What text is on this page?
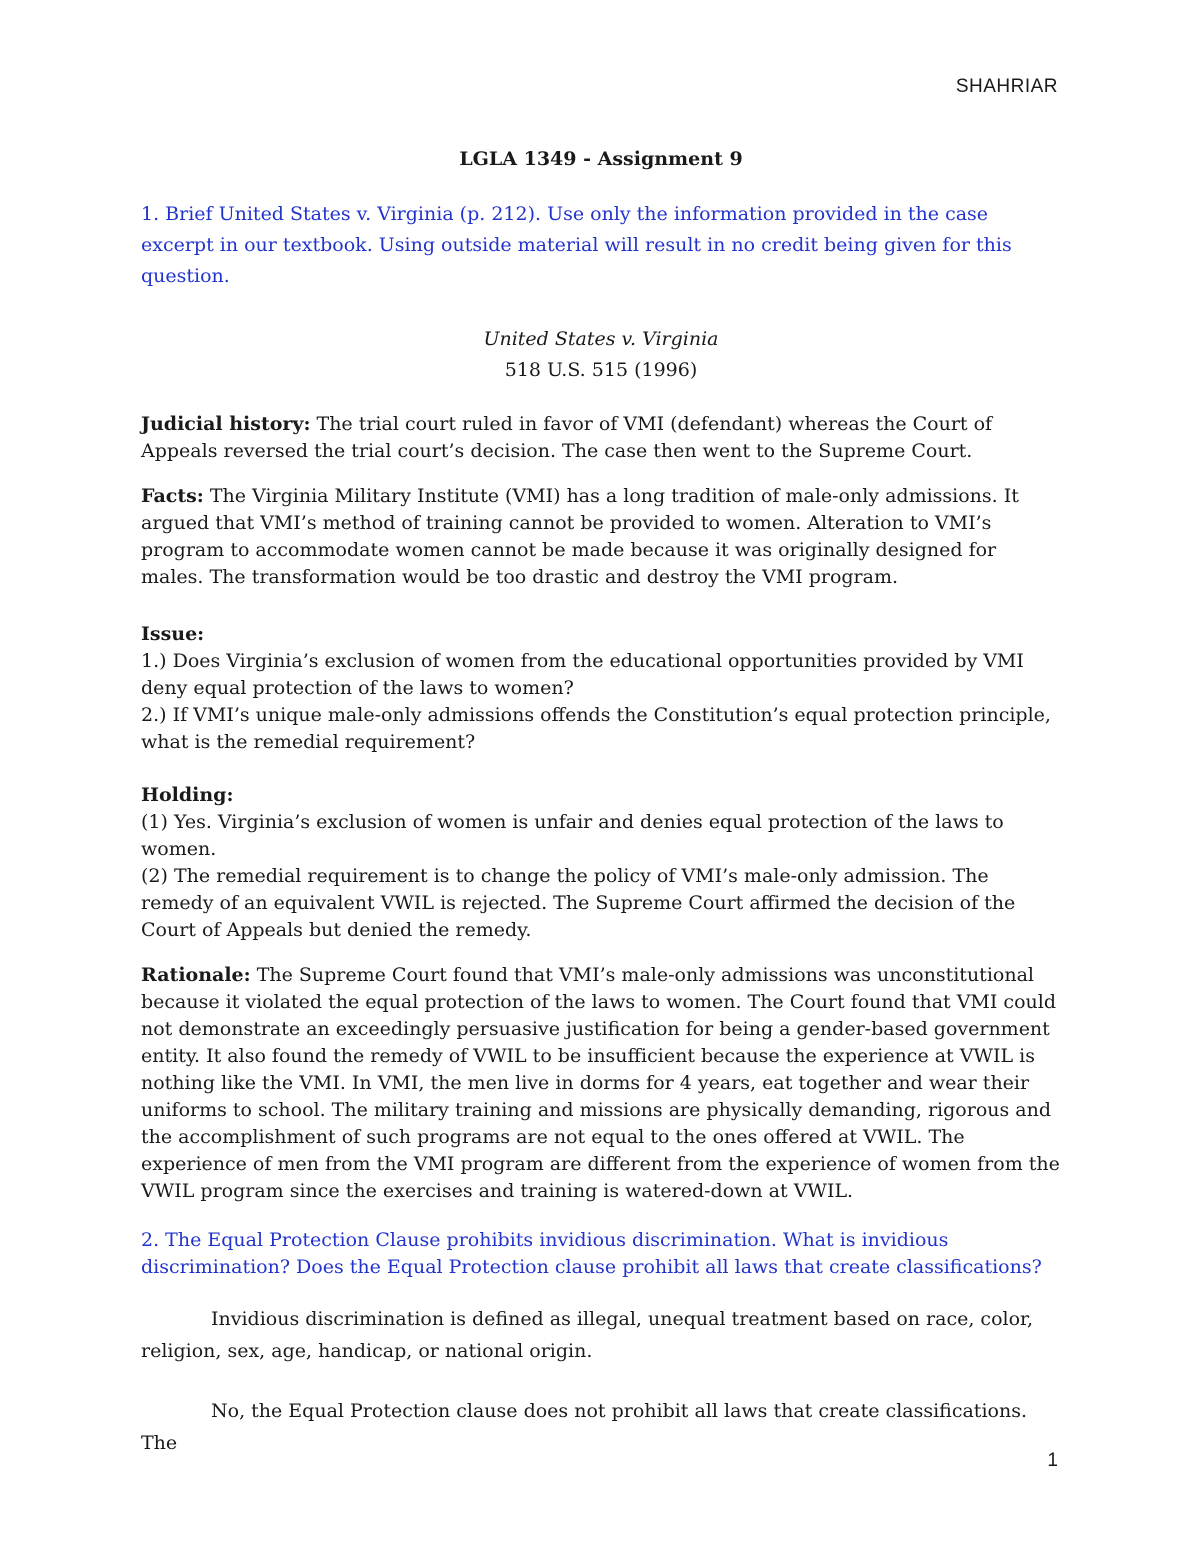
SHAHRIAR

LGLA 1349 - Assignment 9

1. Brief United States v. Virginia (p. 212). Use only the information provided in the case excerpt in our textbook. Using outside material will result in no credit being given for this question.

United States v. Virginia

518 U.S. 515 (1996)

Judicial history: The trial court ruled in favor of VMI (defendant) whereas the Court of Appeals reversed the trial court’s decision. The case then went to the Supreme Court.

Facts: The Virginia Military Institute (VMI) has a long tradition of male-only admissions. It argued that VMI’s method of training cannot be provided to women. Alteration to VMI’s program to accommodate women cannot be made because it was originally designed for males. The transformation would be too drastic and destroy the VMI program.

Issue:

1.) Does Virginia’s exclusion of women from the educational opportunities provided by VMI deny equal protection of the laws to women?

2.) If VMI’s unique male-only admissions offends the Constitution’s equal protection principle, what is the remedial requirement?

Holding:

(1) Yes. Virginia’s exclusion of women is unfair and denies equal protection of the laws to women.

(2) The remedial requirement is to change the policy of VMI’s male-only admission. The remedy of an equivalent VWIL is rejected. The Supreme Court affirmed the decision of the Court of Appeals but denied the remedy.

Rationale: The Supreme Court found that VMI’s male-only admissions was unconstitutional because it violated the equal protection of the laws to women. The Court found that VMI could not demonstrate an exceedingly persuasive justification for being a gender-based government entity. It also found the remedy of VWIL to be insufficient because the experience at VWIL is nothing like the VMI. In VMI, the men live in dorms for 4 years, eat together and wear their uniforms to school. The military training and missions are physically demanding, rigorous and the accomplishment of such programs are not equal to the ones offered at VWIL. The experience of men from the VMI program are different from the experience of women from the VWIL program since the exercises and training is watered-down at VWIL.

2. The Equal Protection Clause prohibits invidious discrimination. What is invidious discrimination? Does the Equal Protection clause prohibit all laws that create classifications?

Invidious discrimination is defined as illegal, unequal treatment based on race, color, religion, sex, age, handicap, or national origin.

No, the Equal Protection clause does not prohibit all laws that create classifications. The

1
